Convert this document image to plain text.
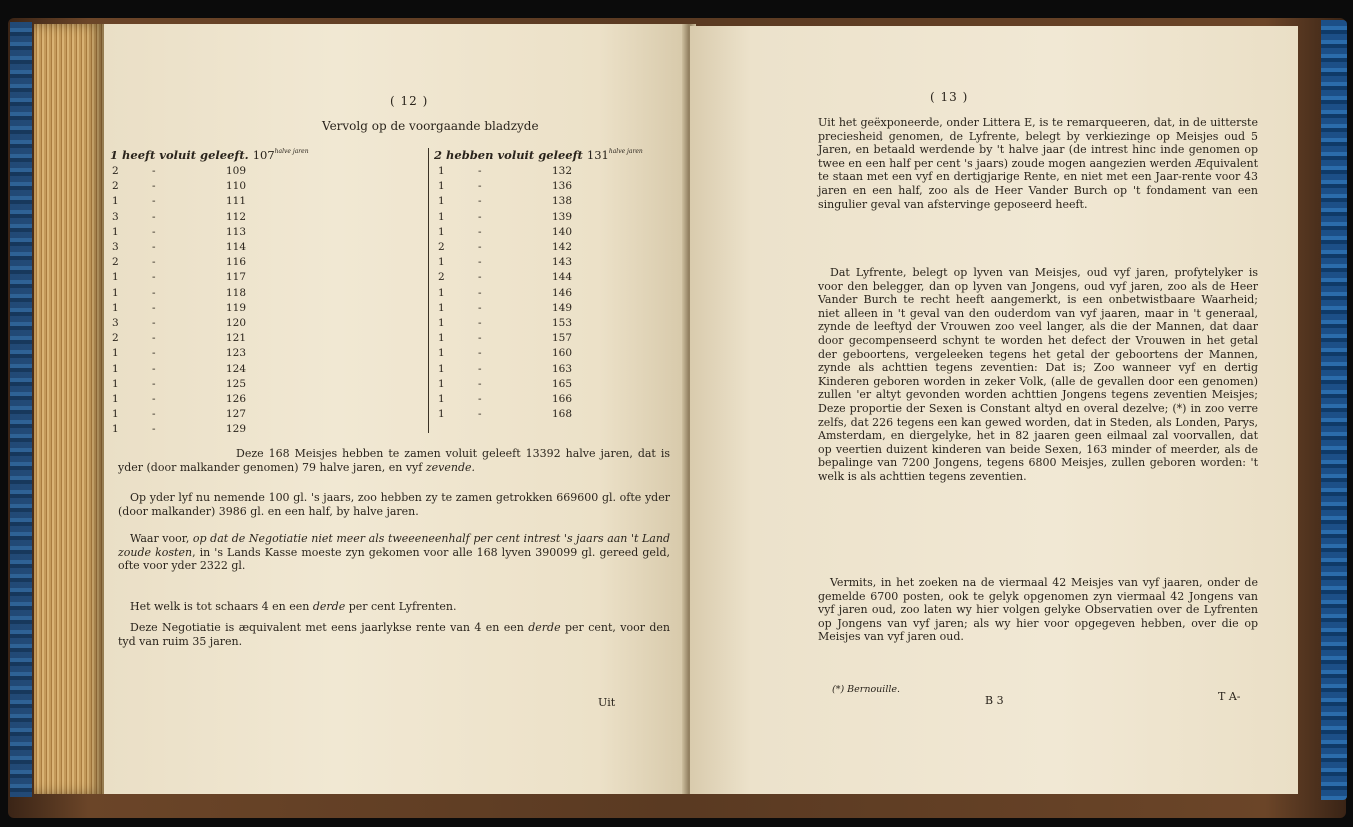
( 12 )
Vervolg op de voorgaande bladzyde
1 heeft voluit geleeft. $107^{halve jaren}$	2 hebben voluit geleeft $131^{halve jaren}$
2	-	109
2	-	110
1	-	111
3	-	112
1	-	113
3	-	114
2	-	116
1	-	117
1	-	118
1	-	119
3	-	120
2	-	121
1	-	123
1	-	124
1	-	125
1	-	126
1	-	127
1	-	129
1	-	132
1	-	136
1	-	138
1	-	139
1	-	140
2	-	142
1	-	143
2	-	144
1	-	146
1	-	149
1	-	153
1	-	157
1	-	160
1	-	163
1	-	165
1	-	166
1	-	168
Deze 168 Meisjes hebben te zamen voluit geleeft 13392 halve jaren, dat is yder (door malkander genomen) 79 halve jaren, en vyf zevende.
Op yder lyf nu nemende 100 gl. 's jaars, zoo hebben zy te zamen getrokken 669600 gl. ofte yder (door malkander) 3986 gl. en een half, by halve jaren.
Waar voor, op dat de Negotiatie niet meer als tweeeneenhalf per cent intrest 's jaars aan 't Land zoude kosten, in 's Lands Kasse moeste zyn gekomen voor alle 168 lyven 390099 gl. gereed geld, ofte voor yder 2322 gl.
Het welk is tot schaars 4 en een derde per cent Lyfrenten.
Deze Negotiatie is æquivalent met eens jaarlykse rente van 4 en een derde per cent, voor den tyd van ruim 35 jaren.
Uit
( 13 )
Uit het geëxponeerde, onder Littera E, is te remarqueeren, dat, in de uitterste preciesheid genomen, de Lyfrente, belegt by verkiezinge op Meisjes oud 5 Jaren, en betaald werdende by 't halve jaar (de intrest hinc inde genomen op twee en een half per cent 's jaars) zoude mogen aangezien werden Æquivalent te staan met een vyf en dertigjarige Rente, en niet met een Jaar-rente voor 43 jaren en een half, zoo als de Heer Vander Burch op 't fondament van een singulier geval van afstervinge geposeerd heeft.
Dat Lyfrente, belegt op lyven van Meisjes, oud vyf jaren, profytelyker is voor den belegger, dan op lyven van Jongens, oud vyf jaren, zoo als de Heer Vander Burch te recht heeft aangemerkt, is een onbetwistbaare Waarheid; niet alleen in 't geval van den ouderdom van vyf jaaren, maar in 't generaal, zynde de leeftyd der Vrouwen zoo veel langer, als die der Mannen, dat daar door gecompenseerd schynt te worden het defect der Vrouwen in het getal der geboortens, vergeleeken tegens het getal der geboortens der Mannen, zynde als achttien tegens zeventien: Dat is; Zoo wanneer vyf en dertig Kinderen geboren worden in zeker Volk, (alle de gevallen door een genomen) zullen 'er altyt gevonden worden achttien Jongens tegens zeventien Meisjes; Deze proportie der Sexen is Constant altyd en overal dezelve; (*) in zoo verre zelfs, dat 226 tegens een kan gewed worden, dat in Steden, als Londen, Parys, Amsterdam, en diergelyke, het in 82 jaaren geen eilmaal zal voorvallen, dat op veertien duizent kinderen van beide Sexen, 163 minder of meerder, als de bepalinge van 7200 Jongens, tegens 6800 Meisjes, zullen geboren worden: 't welk is als achttien tegens zeventien.
Vermits, in het zoeken na de viermaal 42 Meisjes van vyf jaaren, onder de gemelde 6700 posten, ook te gelyk opgenomen zyn viermaal 42 Jongens van vyf jaren oud, zoo laten wy hier volgen gelyke Observatien over de Lyfrenten op Jongens van vyf jaren; als wy hier voor opgegeven hebben, over die op Meisjes van vyf jaren oud.
(*) Bernouille.
B 3	T A-
